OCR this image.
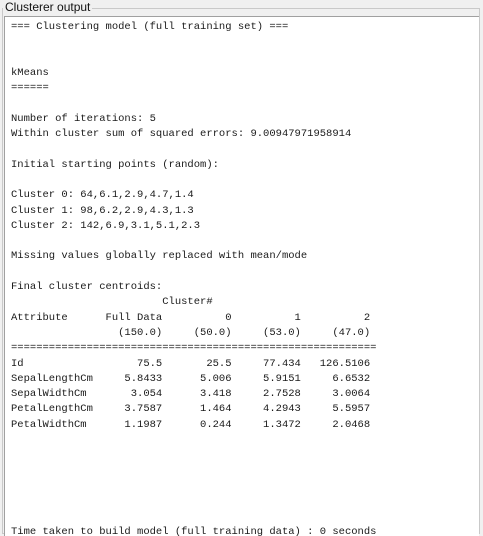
Clusterer output
=== Clustering model (full training set) ===

kMeans
======

Number of iterations: 5
Within cluster sum of squared errors: 9.00947971958914

Initial starting points (random):

Cluster 0: 64,6.1,2.9,4.7,1.4
Cluster 1: 98,6.2,2.9,4.3,1.3
Cluster 2: 142,6.9,3.1,5.1,2.3

Missing values globally replaced with mean/mode

Final cluster centroids:
Cluster#
Attribute      Full Data          0          1          2
(150.0)     (50.0)     (53.0)     (47.0)
==========================================================
Id                  75.5       25.5     77.434   126.5106
SepalLengthCm     5.8433      5.006     5.9151     6.6532
SepalWidthCm       3.054      3.418     2.7528     3.0064
PetalLengthCm     3.7587      1.464     4.2943     5.5957
PetalWidthCm      1.1987      0.244     1.3472     2.0468

Time taken to build model (full training data) : 0 seconds
